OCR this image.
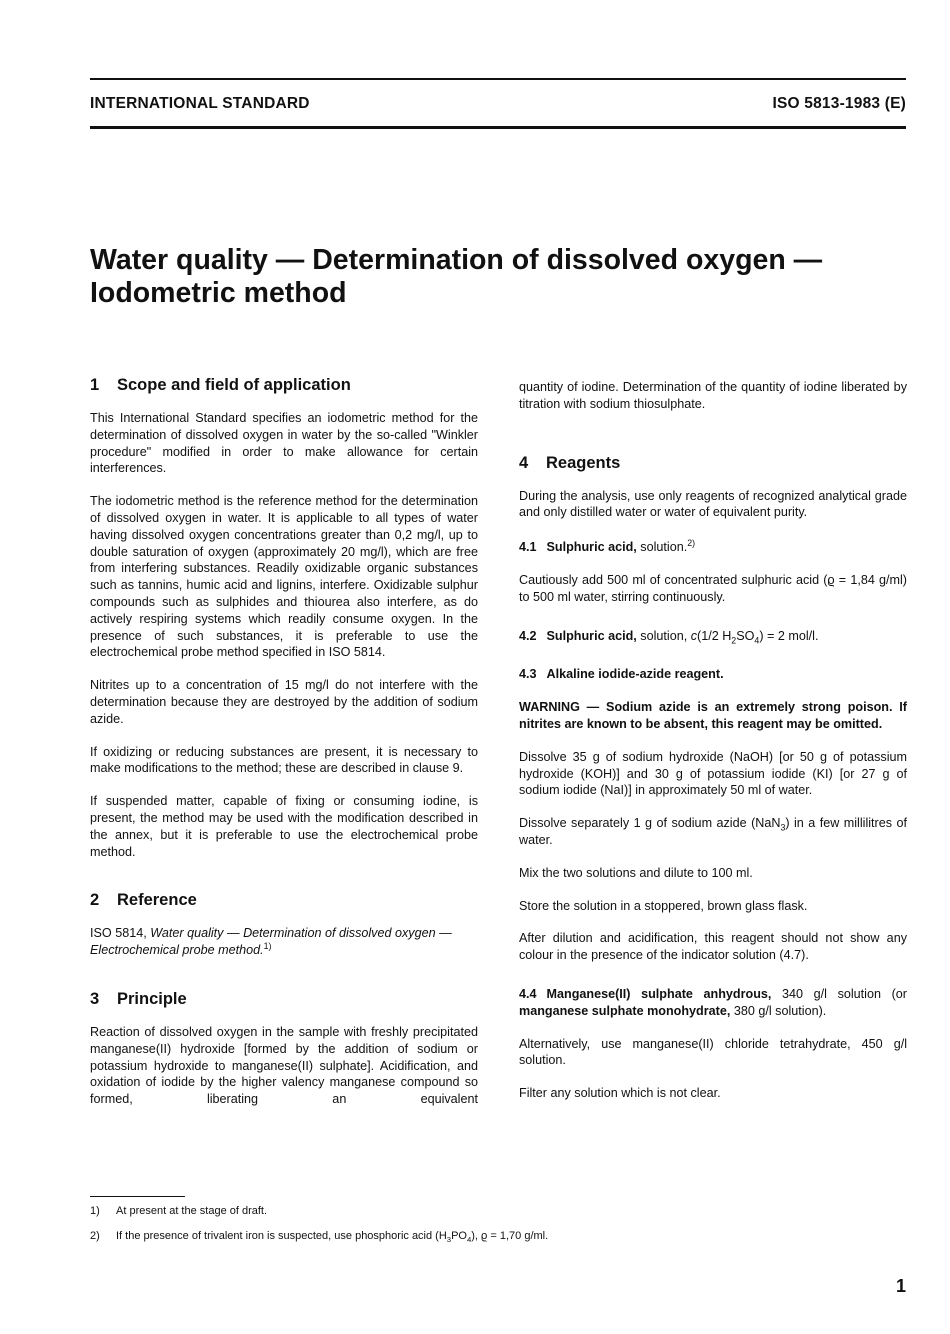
INTERNATIONAL STANDARD	ISO 5813-1983 (E)
Water quality — Determination of dissolved oxygen —
Iodometric method
1 Scope and field of application

This International Standard specifies an iodometric method for the determination of dissolved oxygen in water by the so-called "Winkler procedure" modified in order to make allowance for certain interferences.

The iodometric method is the reference method for the determination of dissolved oxygen in water. It is applicable to all types of water having dissolved oxygen concentrations greater than 0,2 mg/l, up to double saturation of oxygen (approximately 20 mg/l), which are free from interfering substances. Readily oxidizable organic substances such as tannins, humic acid and lignins, interfere. Oxidizable sulphur compounds such as sulphides and thiourea also interfere, as do actively respiring systems which readily consume oxygen. In the presence of such substances, it is preferable to use the electrochemical probe method specified in ISO 5814.

Nitrites up to a concentration of 15 mg/l do not interfere with the determination because they are destroyed by the addition of sodium azide.

If oxidizing or reducing substances are present, it is necessary to make modifications to the method; these are described in clause 9.

If suspended matter, capable of fixing or consuming iodine, is present, the method may be used with the modification described in the annex, but it is preferable to use the electrochemical probe method.

2 Reference

ISO 5814, Water quality — Determination of dissolved oxygen — Electrochemical probe method.$^{1)}$

3 Principle

Reaction of dissolved oxygen in the sample with freshly precipitated manganese(II) hydroxide [formed by the addition of sodium or potassium hydroxide to manganese(II) sulphate]. Acidification, and oxidation of iodide by the higher valency manganese compound so formed, liberating an equivalent

quantity of iodine. Determination of the quantity of iodine liberated by titration with sodium thiosulphate.

4 Reagents

During the analysis, use only reagents of recognized analytical grade and only distilled water or water of equivalent purity.

4.1 Sulphuric acid, solution.$^{2)}$

Cautiously add 500 ml of concentrated sulphuric acid (ϱ = 1,84 g/ml) to 500 ml water, stirring continuously.

4.2 Sulphuric acid, solution, c(1/2 $H_2SO_4) = 2$ mol/l.

4.3 Alkaline iodide-azide reagent.

WARNING — Sodium azide is an extremely strong poison. If nitrites are known to be absent, this reagent may be omitted.

Dissolve 35 g of sodium hydroxide (NaOH) [or 50 g of potassium hydroxide (KOH)] and 30 g of potassium iodide (KI) [or 27 g of sodium iodide (NaI)] in approximately 50 ml of water.

Dissolve separately 1 g of sodium azide (NaN$_3$) in a few millilitres of water.

Mix the two solutions and dilute to 100 ml.

Store the solution in a stoppered, brown glass flask.

After dilution and acidification, this reagent should not show any colour in the presence of the indicator solution (4.7).

4.4 Manganese(II) sulphate anhydrous, 340 g/l solution (or manganese sulphate monohydrate, 380 g/l solution).

Alternatively, use manganese(II) chloride tetrahydrate, 450 g/l solution.

Filter any solution which is not clear.

1) At present at the stage of draft.
2) If the presence of trivalent iron is suspected, use phosphoric acid $(H_3PO_4)$, ϱ = 1,70 g/ml.
1
